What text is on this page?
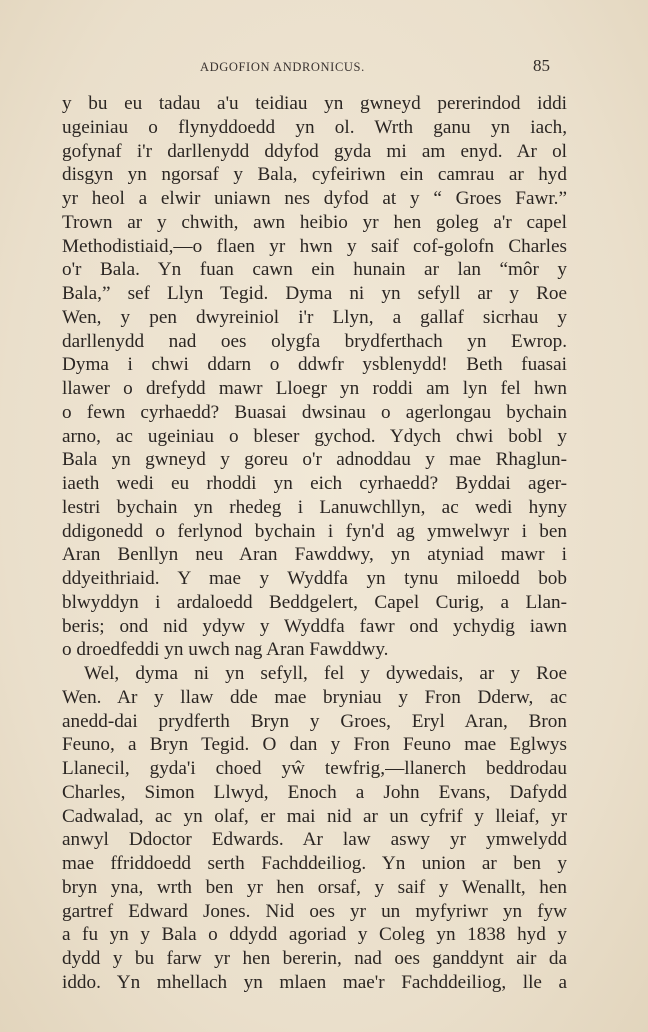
ADGOFION ANDRONICUS.	85
y bu eu tadau a'u teidiau yn gwneyd pererindod iddi
ugeiniau o flynyddoedd yn ol. Wrth ganu yn iach,
gofynaf i'r darllenydd ddyfod gyda mi am enyd. Ar ol
disgyn yn ngorsaf y Bala, cyfeiriwn ein camrau ar hyd
yr heol a elwir uniawn nes dyfod at y “ Groes Fawr.”
Trown ar y chwith, awn heibio yr hen goleg a'r capel
Methodistiaid,—o flaen yr hwn y saif cof-golofn Charles
o'r Bala. Yn fuan cawn ein hunain ar lan “môr y
Bala,” sef Llyn Tegid. Dyma ni yn sefyll ar y Roe
Wen, y pen dwyreiniol i'r Llyn, a gallaf sicrhau y
darllenydd nad oes olygfa brydferthach yn Ewrop.
Dyma i chwi ddarn o ddwfr ysblenydd! Beth fuasai
llawer o drefydd mawr Lloegr yn roddi am lyn fel hwn
o fewn cyrhaedd? Buasai dwsinau o agerlongau bychain
arno, ac ugeiniau o bleser gychod. Ydych chwi bobl y
Bala yn gwneyd y goreu o'r adnoddau y mae Rhaglun-
iaeth wedi eu rhoddi yn eich cyrhaedd? Byddai ager-
lestri bychain yn rhedeg i Lanuwchllyn, ac wedi hyny
ddigonedd o ferlynod bychain i fyn'd ag ymwelwyr i ben
Aran Benllyn neu Aran Fawddwy, yn atyniad mawr i
ddyeithriaid. Y mae y Wyddfa yn tynu miloedd bob
blwyddyn i ardaloedd Beddgelert, Capel Curig, a Llan-
beris; ond nid ydyw y Wyddfa fawr ond ychydig iawn
o droedfeddi yn uwch nag Aran Fawddwy.
Wel, dyma ni yn sefyll, fel y dywedais, ar y Roe
Wen. Ar y llaw dde mae bryniau y Fron Dderw, ac
anedd-dai prydferth Bryn y Groes, Eryl Aran, Bron
Feuno, a Bryn Tegid. O dan y Fron Feuno mae Eglwys
Llanecil, gyda'i choed yŵ tewfrig,—llanerch beddrodau
Charles, Simon Llwyd, Enoch a John Evans, Dafydd
Cadwalad, ac yn olaf, er mai nid ar un cyfrif y lleiaf, yr
anwyl Ddoctor Edwards. Ar law aswy yr ymwelydd
mae ffriddoedd serth Fachddeiliog. Yn union ar ben y
bryn yna, wrth ben yr hen orsaf, y saif y Wenallt, hen
gartref Edward Jones. Nid oes yr un myfyriwr yn fyw
a fu yn y Bala o ddydd agoriad y Coleg yn 1838 hyd y
dydd y bu farw yr hen bererin, nad oes ganddynt air da
iddo. Yn mhellach yn mlaen mae'r Fachddeiliog, lle a
